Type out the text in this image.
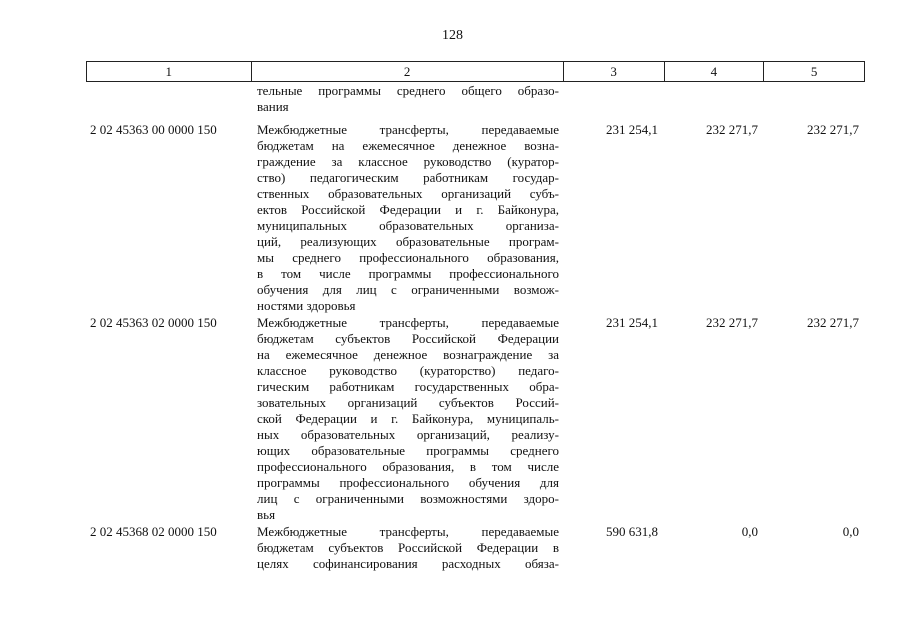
128
1	2	3	4	5
тельные программы среднего общего образо-
вания
2 02 45363 00 0000 150	Межбюджетные трансферты, передаваемые
бюджетам на ежемесячное денежное возна-
граждение за классное руководство (куратор-
ство) педагогическим работникам государ-
ственных образовательных организаций субъ-
ектов Российской Федерации и г. Байконура,
муниципальных образовательных организа-
ций, реализующих образовательные програм-
мы среднего профессионального образования,
в том числе программы профессионального
обучения для лиц с ограниченными возмож-
ностями здоровья
231 254,1	232 271,7	232 271,7
2 02 45363 02 0000 150	Межбюджетные трансферты, передаваемые
бюджетам субъектов Российской Федерации
на ежемесячное денежное вознаграждение за
классное руководство (кураторство) педаго-
гическим работникам государственных обра-
зовательных организаций субъектов Россий-
ской Федерации и г. Байконура, муниципаль-
ных образовательных организаций, реализу-
ющих образовательные программы среднего
профессионального образования, в том числе
программы профессионального обучения для
лиц с ограниченными возможностями здоро-
вья
231 254,1	232 271,7	232 271,7
2 02 45368 02 0000 150	Межбюджетные трансферты, передаваемые
бюджетам субъектов Российской Федерации в
целях софинансирования расходных обяза-
590 631,8	0,0	0,0
